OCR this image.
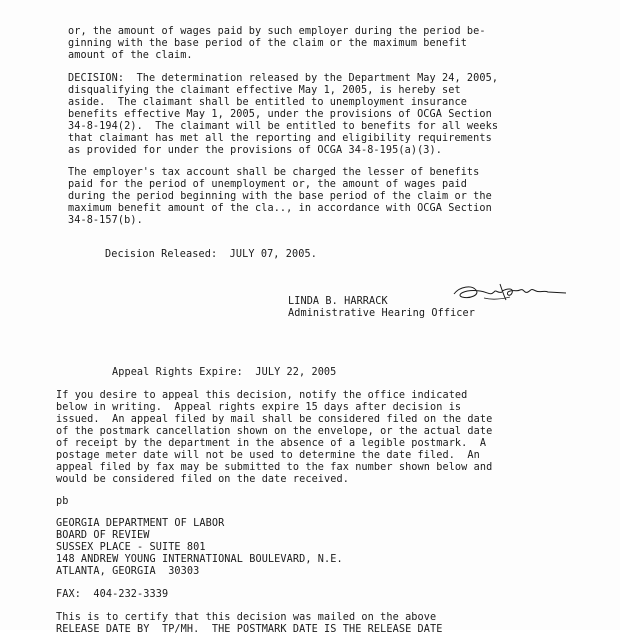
or, the amount of wages paid by such employer during the period be-

ginning with the base period of the claim or the maximum benefit

amount of the claim.

DECISION:  The determination released by the Department May 24, 2005,

disqualifying the claimant effective May 1, 2005, is hereby set

aside.  The claimant shall be entitled to unemployment insurance

benefits effective May 1, 2005, under the provisions of OCGA Section

34-8-194(2).  The claimant will be entitled to benefits for all weeks

that claimant has met all the reporting and eligibility requirements

as provided for under the provisions of OCGA 34-8-195(a)(3).

The employer's tax account shall be charged the lesser of benefits

paid for the period of unemployment or, the amount of wages paid

during the period beginning with the base period of the claim or the

maximum benefit amount of the cla.., in accordance with OCGA Section

34-8-157(b).

Decision Released:  JULY 07, 2005.

LINDA B. HARRACK

Administrative Hearing Officer

Appeal Rights Expire:  JULY 22, 2005

If you desire to appeal this decision, notify the office indicated

below in writing.  Appeal rights expire 15 days after decision is

issued.  An appeal filed by mail shall be considered filed on the date

of the postmark cancellation shown on the envelope, or the actual date

of receipt by the department in the absence of a legible postmark.  A

postage meter date will not be used to determine the date filed.  An

appeal filed by fax may be submitted to the fax number shown below and

would be considered filed on the date received.

pb

GEORGIA DEPARTMENT OF LABOR

BOARD OF REVIEW

SUSSEX PLACE - SUITE 801

148 ANDREW YOUNG INTERNATIONAL BOULEVARD, N.E.

ATLANTA, GEORGIA  30303

FAX:  404-232-3339

This is to certify that this decision was mailed on the above

RELEASE DATE BY  TP/MH.  THE POSTMARK DATE IS THE RELEASE DATE
